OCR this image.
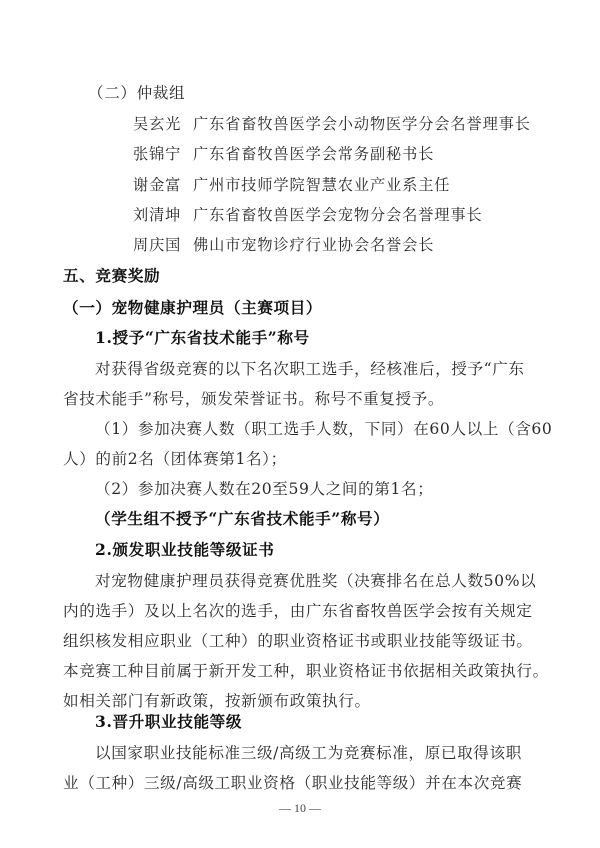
（二）仲裁组
吴玄光 广东省畜牧兽医学会小动物医学分会名誉理事长
张锦宁 广东省畜牧兽医学会常务副秘书长
谢金富 广州市技师学院智慧农业产业系主任
刘清坤 广东省畜牧兽医学会宠物分会名誉理事长
周庆国 佛山市宠物诊疗行业协会名誉会长
五、竞赛奖励
（一）宠物健康护理员（主赛项目）
1.授予“广东省技术能手”称号
对获得省级竞赛的以下名次职工选手，经核准后，授予“广东
省技术能手”称号，颁发荣誉证书。称号不重复授予。
（1）参加决赛人数（职工选手人数，下同）在60人以上（含60
人）的前2名（团体赛第1名）；
（2）参加决赛人数在20至59人之间的第1名；
（学生组不授予“广东省技术能手”称号）
2.颁发职业技能等级证书
对宠物健康护理员获得竞赛优胜奖（决赛排名在总人数50%以
内的选手）及以上名次的选手，由广东省畜牧兽医学会按有关规定
组织核发相应职业（工种）的职业资格证书或职业技能等级证书。
本竞赛工种目前属于新开发工种，职业资格证书依据相关政策执行。
如相关部门有新政策，按新颁布政策执行。
3.晋升职业技能等级
以国家职业技能标准三级/高级工为竞赛标准，原已取得该职
业（工种）三级/高级工职业资格（职业技能等级）并在本次竞赛
— 10 —
